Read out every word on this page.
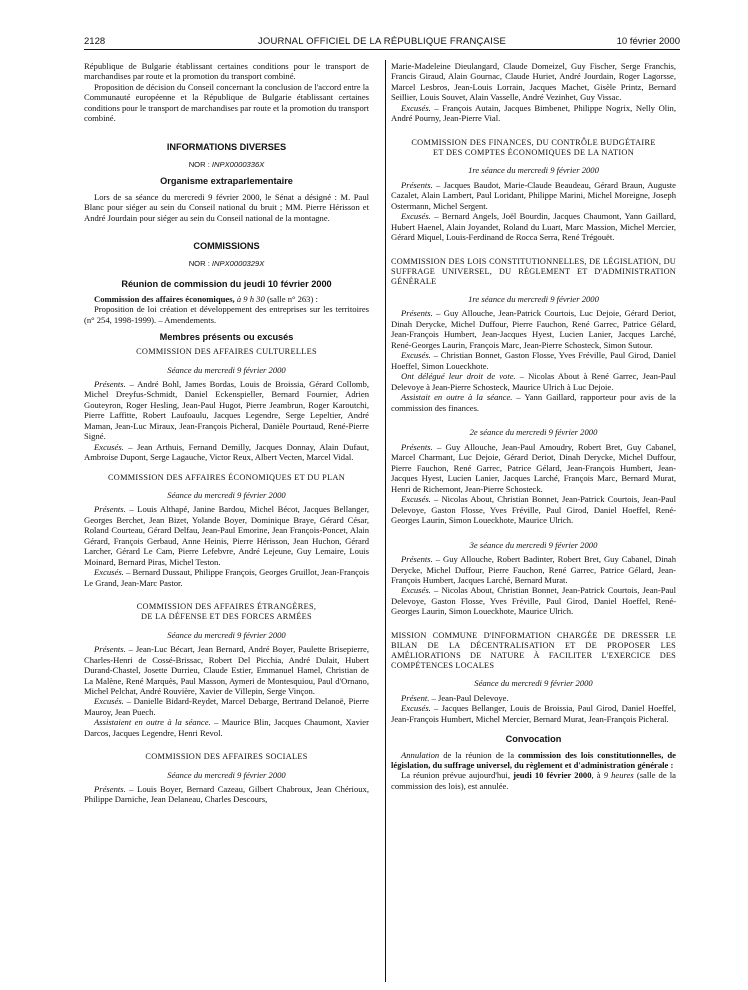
2128	JOURNAL OFFICIEL DE LA RÉPUBLIQUE FRANÇAISE	10 février 2000

République de Bulgarie établissant certaines conditions pour le transport de marchandises par route et la promotion du transport combiné.

Proposition de décision du Conseil concernant la conclusion de l'accord entre la Communauté européenne et la République de Bulgarie établissant certaines conditions pour le transport de marchandises par route et la promotion du transport combiné.

INFORMATIONS DIVERSES

NOR : INPX0000336X

Organisme extraparlementaire

Lors de sa séance du mercredi 9 février 2000, le Sénat a désigné : M. Paul Blanc pour siéger au sein du Conseil national du bruit ; MM. Pierre Hérisson et André Jourdain pour siéger au sein du Conseil national de la montagne.

COMMISSIONS

NOR : INPX0000329X

Réunion de commission du jeudi 10 février 2000

Commission des affaires économiques, à 9 h 30 (salle n° 263) :

Proposition de loi création et développement des entreprises sur les territoires (n° 254, 1998-1999). – Amendements.

Membres présents ou excusés

COMMISSION DES AFFAIRES CULTURELLES

Séance du mercredi 9 février 2000

Présents. – André Bohl, James Bordas, Louis de Broissia, Gérard Collomb, Michel Dreyfus-Schmidt, Daniel Eckenspieller, Bernard Fournier, Adrien Gouteyron, Roger Hesling, Jean-Paul Hugot, Pierre Jeambrun, Roger Karoutchi, Pierre Laffitte, Robert Laufoaulu, Jacques Legendre, Serge Lepeltier, André Maman, Jean-Luc Miraux, Jean-François Picheral, Danièle Pourtaud, René-Pierre Signé.

Excusés. – Jean Arthuis, Fernand Demilly, Jacques Donnay, Alain Dufaut, Ambroise Dupont, Serge Lagauche, Victor Reux, Albert Vecten, Marcel Vidal.

COMMISSION DES AFFAIRES ÉCONOMIQUES ET DU PLAN

Séance du mercredi 9 février 2000

Présents. – Louis Althapé, Janine Bardou, Michel Bécot, Jacques Bellanger, Georges Berchet, Jean Bizet, Yolande Boyer, Dominique Braye, Gérard César, Roland Courteau, Gérard Delfau, Jean-Paul Emorine, Jean François-Poncet, Alain Gérard, François Gerbaud, Anne Heinis, Pierre Hérisson, Jean Huchon, Gérard Larcher, Gérard Le Cam, Pierre Lefebvre, André Lejeune, Guy Lemaire, Louis Moinard, Bernard Piras, Michel Teston.

Excusés. – Bernard Dussaut, Philippe François, Georges Gruillot, Jean-François Le Grand, Jean-Marc Pastor.

COMMISSION DES AFFAIRES ÉTRANGÈRES,

DE LA DÉFENSE ET DES FORCES ARMÉES

Séance du mercredi 9 février 2000

Présents. – Jean-Luc Bécart, Jean Bernard, André Boyer, Paulette Brisepierre, Charles-Henri de Cossé-Brissac, Robert Del Picchia, André Dulait, Hubert Durand-Chastel, Josette Durrieu, Claude Estier, Emmanuel Hamel, Christian de La Malène, René Marquès, Paul Masson, Aymeri de Montesquiou, Paul d'Ornano, Michel Pelchat, André Rouvière, Xavier de Villepin, Serge Vinçon.

Excusés. – Danielle Bidard-Reydet, Marcel Debarge, Bertrand Delanoë, Pierre Mauroy, Jean Puech.

Assistaient en outre à la séance. – Maurice Blin, Jacques Chaumont, Xavier Darcos, Jacques Legendre, Henri Revol.

COMMISSION DES AFFAIRES SOCIALES

Séance du mercredi 9 février 2000

Présents. – Louis Boyer, Bernard Cazeau, Gilbert Chabroux, Jean Chérioux, Philippe Darniche, Jean Delaneau, Charles Descours,

Marie-Madeleine Dieulangard, Claude Domeizel, Guy Fischer, Serge Franchis, Francis Giraud, Alain Gournac, Claude Huriet, André Jourdain, Roger Lagorsse, Marcel Lesbros, Jean-Louis Lorrain, Jacques Machet, Gisèle Printz, Bernard Seillier, Louis Souvet, Alain Vasselle, André Vezinhet, Guy Vissac.

Excusés. – François Autain, Jacques Bimbenet, Philippe Nogrix, Nelly Olin, André Pourny, Jean-Pierre Vial.

COMMISSION DES FINANCES, DU CONTRÔLE BUDGÉTAIRE

ET DES COMPTES ÉCONOMIQUES DE LA NATION

1re séance du mercredi 9 février 2000

Présents. – Jacques Baudot, Marie-Claude Beaudeau, Gérard Braun, Auguste Cazalet, Alain Lambert, Paul Loridant, Philippe Marini, Michel Moreigne, Joseph Ostermann, Michel Sergent.

Excusés. – Bernard Angels, Joël Bourdin, Jacques Chaumont, Yann Gaillard, Hubert Haenel, Alain Joyandet, Roland du Luart, Marc Massion, Michel Mercier, Gérard Miquel, Louis-Ferdinand de Rocca Serra, René Trégouët.

COMMISSION DES LOIS CONSTITUTIONNELLES, DE LÉGISLATION, DU SUFFRAGE UNIVERSEL, DU RÈGLEMENT ET D'ADMINISTRATION GÉNÉRALE

1re séance du mercredi 9 février 2000

Présents. – Guy Allouche, Jean-Patrick Courtois, Luc Dejoie, Gérard Deriot, Dinah Derycke, Michel Duffour, Pierre Fauchon, René Garrec, Patrice Gélard, Jean-François Humbert, Jean-Jacques Hyest, Lucien Lanier, Jacques Larché, René-Georges Laurin, François Marc, Jean-Pierre Schosteck, Simon Sutour.

Excusés. – Christian Bonnet, Gaston Flosse, Yves Fréville, Paul Girod, Daniel Hoeffel, Simon Loueckhote.

Ont délégué leur droit de vote. – Nicolas About à René Garrec, Jean-Paul Delevoye à Jean-Pierre Schosteck, Maurice Ulrich à Luc Dejoie.

Assistait en outre à la séance. – Yann Gaillard, rapporteur pour avis de la commission des finances.

2e séance du mercredi 9 février 2000

Présents. – Guy Allouche, Jean-Paul Amoudry, Robert Bret, Guy Cabanel, Marcel Charmant, Luc Dejoie, Gérard Deriot, Dinah Derycke, Michel Duffour, Pierre Fauchon, René Garrec, Patrice Gélard, Jean-François Humbert, Jean-Jacques Hyest, Lucien Lanier, Jacques Larché, François Marc, Bernard Murat, Henri de Richemont, Jean-Pierre Schosteck.

Excusés. – Nicolas About, Christian Bonnet, Jean-Patrick Courtois, Jean-Paul Delevoye, Gaston Flosse, Yves Fréville, Paul Girod, Daniel Hoeffel, René-Georges Laurin, Simon Loueckhote, Maurice Ulrich.

3e séance du mercredi 9 février 2000

Présents. – Guy Allouche, Robert Badinter, Robert Bret, Guy Cabanel, Dinah Derycke, Michel Duffour, Pierre Fauchon, René Garrec, Patrice Gélard, Jean-François Humbert, Jacques Larché, Bernard Murat.

Excusés. – Nicolas About, Christian Bonnet, Jean-Patrick Courtois, Jean-Paul Delevoye, Gaston Flosse, Yves Fréville, Paul Girod, Daniel Hoeffel, René-Georges Laurin, Simon Loueckhote, Maurice Ulrich.

MISSION COMMUNE D'INFORMATION CHARGÉE DE DRESSER LE BILAN DE LA DÉCENTRALISATION ET DE PROPOSER LES AMÉLIORATIONS DE NATURE À FACILITER L'EXERCICE DES COMPÉTENCES LOCALES

Séance du mercredi 9 février 2000

Présent. – Jean-Paul Delevoye.

Excusés. – Jacques Bellanger, Louis de Broissia, Paul Girod, Daniel Hoeffel, Jean-François Humbert, Michel Mercier, Bernard Murat, Jean-François Picheral.

Convocation

Annulation de la réunion de la commission des lois constitutionnelles, de législation, du suffrage universel, du règlement et d'administration générale :

La réunion prévue aujourd'hui, jeudi 10 février 2000, à 9 heures (salle de la commission des lois), est annulée.
